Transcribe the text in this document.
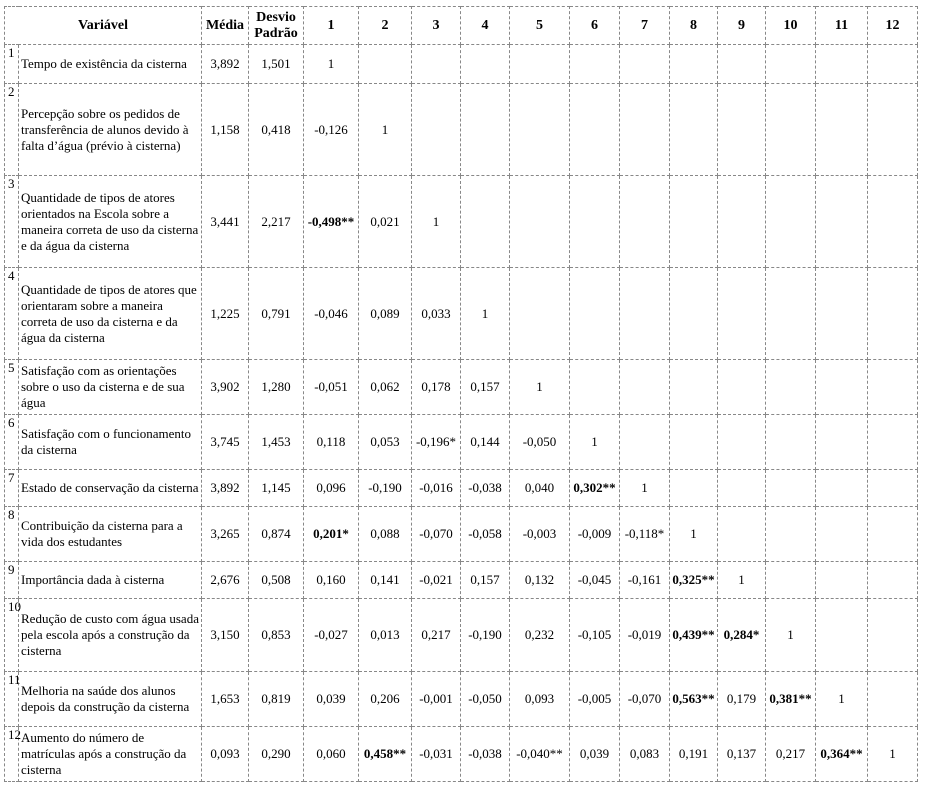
Variável		Média	Desvio
Padrão	1	2	3	4	5	6	7	8	9	10	11	12
1	Tempo de existência da cisterna	3,892	1,501	1											
2	Percepção sobre os pedidos de transferência de alunos devido à falta d’água (prévio à cisterna)	1,158	0,418	-0,126	1										
3	Quantidade de tipos de atores orientados na Escola sobre a maneira correta de uso da cisterna e da água da cisterna	3,441	2,217	-0,498**	0,021	1									
4	Quantidade de tipos de atores que orientaram sobre a maneira correta de uso da cisterna e da água da cisterna	1,225	0,791	-0,046	0,089	0,033	1								
5	Satisfação com as orientações sobre o uso da cisterna e de sua água	3,902	1,280	-0,051	0,062	0,178	0,157	1							
6	Satisfação com o funcionamento da cisterna	3,745	1,453	0,118	0,053	-0,196*	0,144	-0,050	1						
7	Estado de conservação da cisterna	3,892	1,145	0,096	-0,190	-0,016	-0,038	0,040	0,302**	1					
8	Contribuição da cisterna para a vida dos estudantes	3,265	0,874	0,201*	0,088	-0,070	-0,058	-0,003	-0,009	-0,118*	1				
9	Importância dada à cisterna	2,676	0,508	0,160	0,141	-0,021	0,157	0,132	-0,045	-0,161	0,325**	1			
10	Redução de custo com água usada pela escola após a construção da cisterna	3,150	0,853	-0,027	0,013	0,217	-0,190	0,232	-0,105	-0,019	0,439**	0,284*	1		
11	Melhoria na saúde dos alunos depois da construção da cisterna	1,653	0,819	0,039	0,206	-0,001	-0,050	0,093	-0,005	-0,070	0,563**	0,179	0,381**	1	
12	Aumento do número de matrículas após a construção da cisterna	0,093	0,290	0,060	0,458**	-0,031	-0,038	-0,040**	0,039	0,083	0,191	0,137	0,217	0,364**	1
